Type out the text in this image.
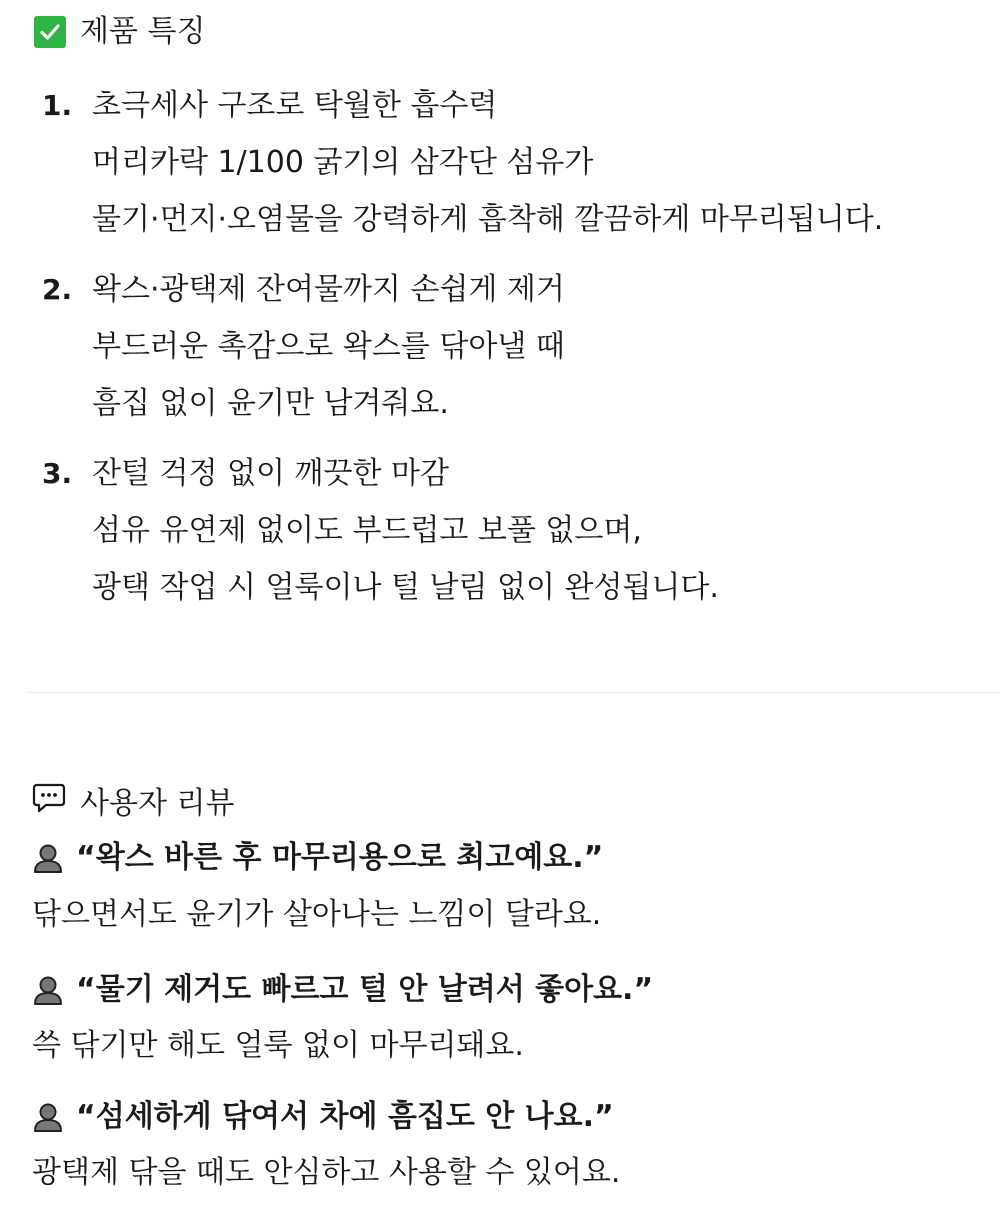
제품 특징
1. 초극세사 구조로 탁월한 흡수력
머리카락 1/100 굵기의 삼각단 섬유가
물기·먼지·오염물을 강력하게 흡착해 깔끔하게 마무리됩니다.
2. 왁스·광택제 잔여물까지 손쉽게 제거
부드러운 촉감으로 왁스를 닦아낼 때
흠집 없이 윤기만 남겨줘요.
3. 잔털 걱정 없이 깨끗한 마감
섬유 유연제 없이도 부드럽고 보풀 없으며,
광택 작업 시 얼룩이나 털 날림 없이 완성됩니다.
사용자 리뷰
“왁스 바른 후 마무리용으로 최고예요.”
닦으면서도 윤기가 살아나는 느낌이 달라요.
“물기 제거도 빠르고 털 안 날려서 좋아요.”
쓱 닦기만 해도 얼룩 없이 마무리돼요.
“섬세하게 닦여서 차에 흠집도 안 나요.”
광택제 닦을 때도 안심하고 사용할 수 있어요.
